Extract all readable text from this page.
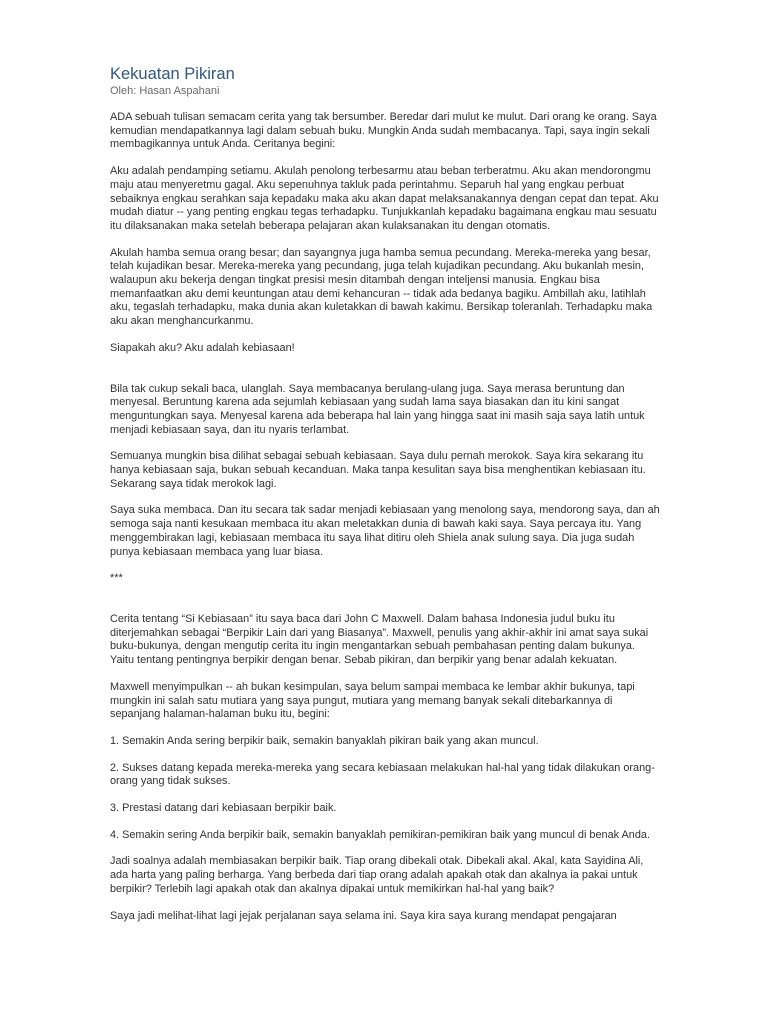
Kekuatan Pikiran

Oleh: Hasan Aspahani

ADA sebuah tulisan semacam cerita yang tak bersumber. Beredar dari mulut ke mulut. Dari orang ke orang. Saya kemudian mendapatkannya lagi dalam sebuah buku. Mungkin Anda sudah membacanya. Tapi, saya ingin sekali membagikannya untuk Anda. Ceritanya begini:

Aku adalah pendamping setiamu. Akulah penolong terbesarmu atau beban terberatmu. Aku akan mendorongmu maju atau menyeretmu gagal. Aku sepenuhnya takluk pada perintahmu. Separuh hal yang engkau perbuat sebaiknya engkau serahkan saja kepadaku maka aku akan dapat melaksanakannya dengan cepat dan tepat. Aku mudah diatur -- yang penting engkau tegas terhadapku. Tunjukkanlah kepadaku bagaimana engkau mau sesuatu itu dilaksanakan maka setelah beberapa pelajaran akan kulaksanakan itu dengan otomatis.

Akulah hamba semua orang besar; dan sayangnya juga hamba semua pecundang. Mereka-mereka yang besar, telah kujadikan besar. Mereka-mereka yang pecundang, juga telah kujadikan pecundang. Aku bukanlah mesin, walaupun aku bekerja dengan tingkat presisi mesin ditambah dengan inteljensi manusia. Engkau bisa memanfaatkan aku demi keuntungan atau demi kehancuran -- tidak ada bedanya bagiku. Ambillah aku, latihlah aku, tegaslah terhadapku, maka dunia akan kuletakkan di bawah kakimu. Bersikap toleranlah. Terhadapku maka aku akan menghancurkanmu.

Siapakah aku? Aku adalah kebiasaan!

Bila tak cukup sekali baca, ulanglah. Saya membacanya berulang-ulang juga. Saya merasa beruntung dan menyesal. Beruntung karena ada sejumlah kebiasaan yang sudah lama saya biasakan dan itu kini sangat menguntungkan saya. Menyesal karena ada beberapa hal lain yang hingga saat ini masih saja saya latih untuk menjadi kebiasaan saya, dan itu nyaris terlambat.

Semuanya mungkin bisa dilihat sebagai sebuah kebiasaan. Saya dulu pernah merokok. Saya kira sekarang itu hanya kebiasaan saja, bukan sebuah kecanduan. Maka tanpa kesulitan saya bisa menghentikan kebiasaan itu. Sekarang saya tidak merokok lagi.

Saya suka membaca. Dan itu secara tak sadar menjadi kebiasaan yang menolong saya, mendorong saya, dan ah semoga saja nanti kesukaan membaca itu akan meletakkan dunia di bawah kaki saya. Saya percaya itu. Yang menggembirakan lagi, kebiasaan membaca itu saya lihat ditiru oleh Shiela anak sulung saya. Dia juga sudah punya kebiasaan membaca yang luar biasa.

***

Cerita tentang “Si Kebiasaan” itu saya baca dari John C Maxwell. Dalam bahasa Indonesia judul buku itu diterjemahkan sebagai “Berpikir Lain dari yang Biasanya”. Maxwell, penulis yang akhir-akhir ini amat saya sukai buku-bukunya, dengan mengutip cerita itu ingin mengantarkan sebuah pembahasan penting dalam bukunya. Yaitu tentang pentingnya berpikir dengan benar. Sebab pikiran, dan berpikir yang benar adalah kekuatan.

Maxwell menyimpulkan -- ah bukan kesimpulan, saya belum sampai membaca ke lembar akhir bukunya, tapi mungkin ini salah satu mutiara yang saya pungut, mutiara yang memang banyak sekali ditebarkannya di sepanjang halaman-halaman buku itu, begini:

1. Semakin Anda sering berpikir baik, semakin banyaklah pikiran baik yang akan muncul.

2. Sukses datang kepada mereka-mereka yang secara kebiasaan melakukan hal-hal yang tidak dilakukan orang-orang yang tidak sukses.

3. Prestasi datang dari kebiasaan berpikir baik.

4. Semakin sering Anda berpikir baik, semakin banyaklah pemikiran-pemikiran baik yang muncul di benak Anda.

Jadi soalnya adalah membiasakan berpikir baik. Tiap orang dibekali otak. Dibekali akal. Akal, kata Sayidina Ali, ada harta yang paling berharga. Yang berbeda dari tiap orang adalah apakah otak dan akalnya ia pakai untuk berpikir? Terlebih lagi apakah otak dan akalnya dipakai untuk memikirkan hal-hal yang baik?

Saya jadi melihat-lihat lagi jejak perjalanan saya selama ini. Saya kira saya kurang mendapat pengajaran
